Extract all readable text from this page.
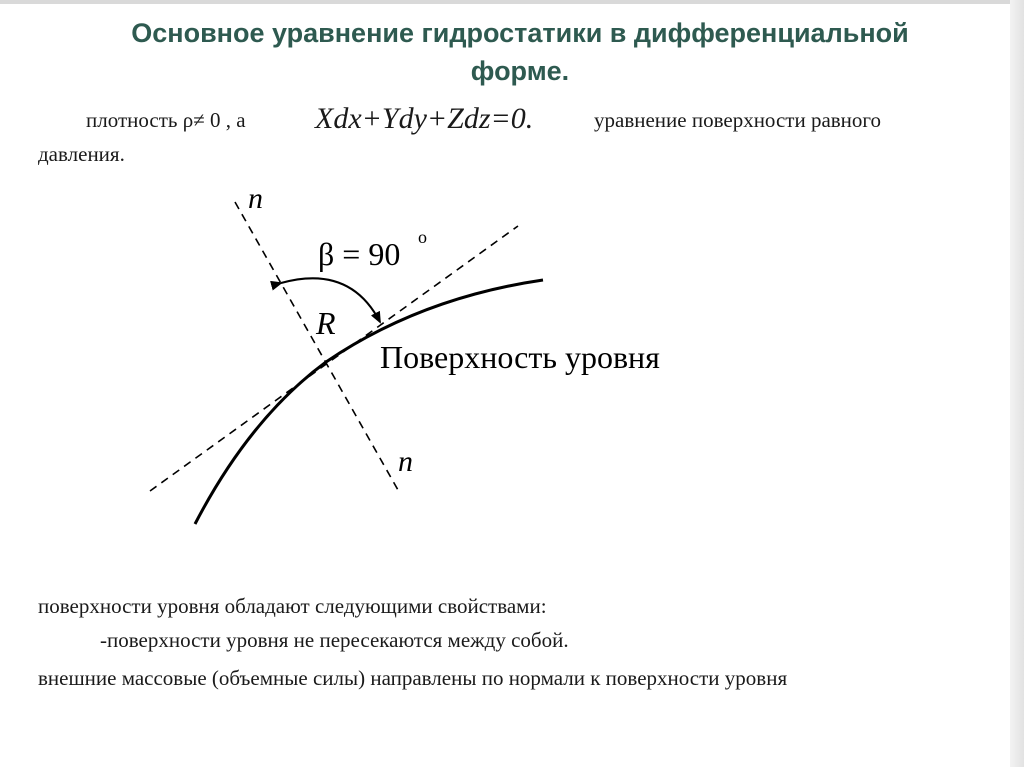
Основное уравнение гидростатики в дифференциальной форме.
плотность ρ≠ 0 , а Xdx+Ydy+Zdz=0.	уравнение поверхности равного
давления.
n
n
β = 90 o
R
Поверхность уровня
поверхности уровня обладают следующими свойствами:
-поверхности уровня не пересекаются между собой.
внешние массовые (объемные силы) направлены по нормали к поверхности уровня
